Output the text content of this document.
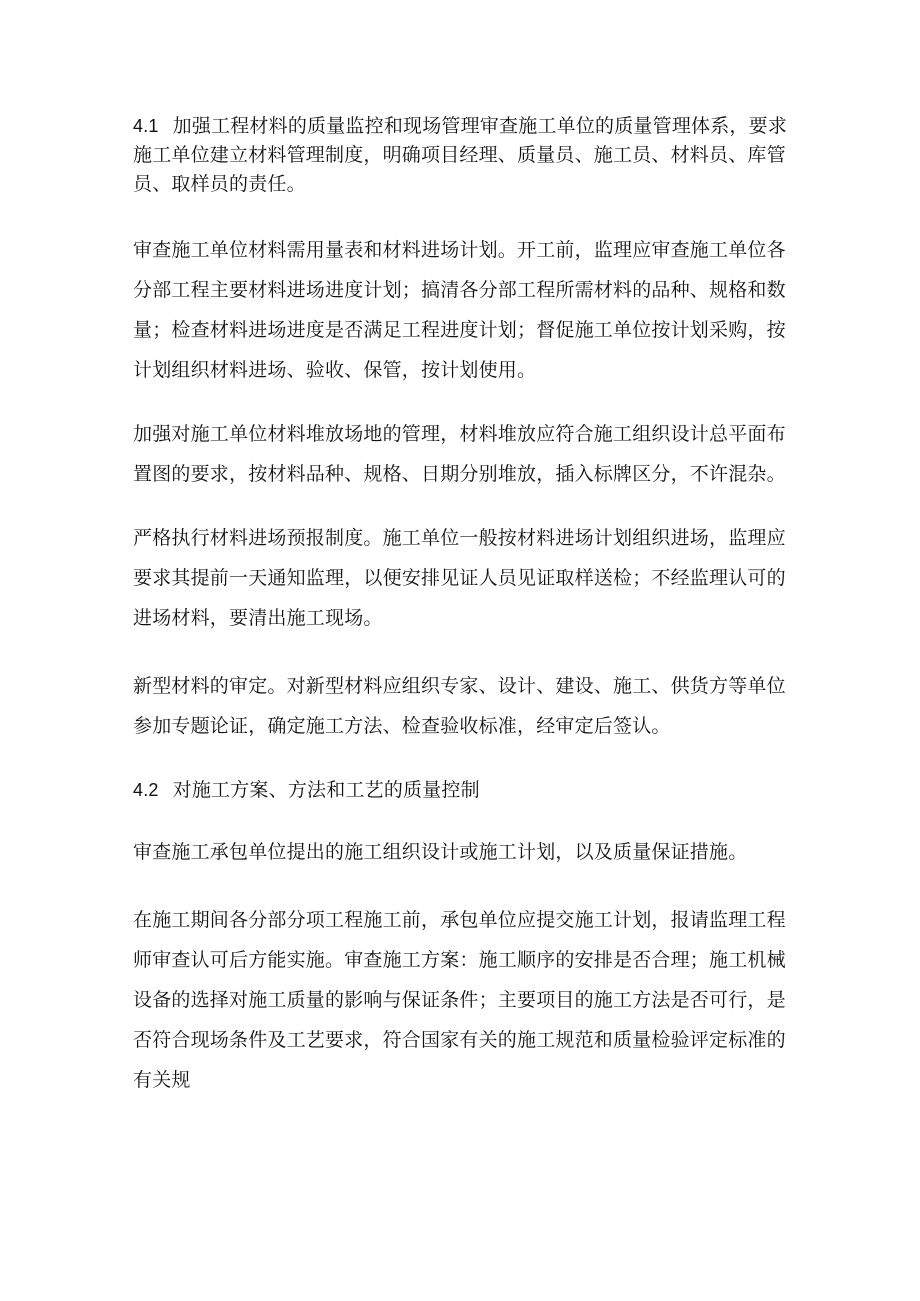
4.1 加强工程材料的质量监控和现场管理审查施工单位的质量管理体系，要求施工单位建立材料管理制度，明确项目经理、质量员、施工员、材料员、库管员、取样员的责任。

审查施工单位材料需用量表和材料进场计划。开工前，监理应审查施工单位各分部工程主要材料进场进度计划；搞清各分部工程所需材料的品种、规格和数量；检查材料进场进度是否满足工程进度计划；督促施工单位按计划采购，按计划组织材料进场、验收、保管，按计划使用。

加强对施工单位材料堆放场地的管理，材料堆放应符合施工组织设计总平面布置图的要求，按材料品种、规格、日期分别堆放，插入标牌区分，不许混杂。

严格执行材料进场预报制度。施工单位一般按材料进场计划组织进场，监理应要求其提前一天通知监理，以便安排见证人员见证取样送检；不经监理认可的进场材料，要清出施工现场。

新型材料的审定。对新型材料应组织专家、设计、建设、施工、供货方等单位参加专题论证，确定施工方法、检查验收标准，经审定后签认。

4.2 对施工方案、方法和工艺的质量控制

审查施工承包单位提出的施工组织设计或施工计划，以及质量保证措施。

在施工期间各分部分项工程施工前，承包单位应提交施工计划，报请监理工程师审查认可后方能实施。审查施工方案：施工顺序的安排是否合理；施工机械设备的选择对施工质量的影响与保证条件；主要项目的施工方法是否可行，是否符合现场条件及工艺要求，符合国家有关的施工规范和质量检验评定标准的有关规
